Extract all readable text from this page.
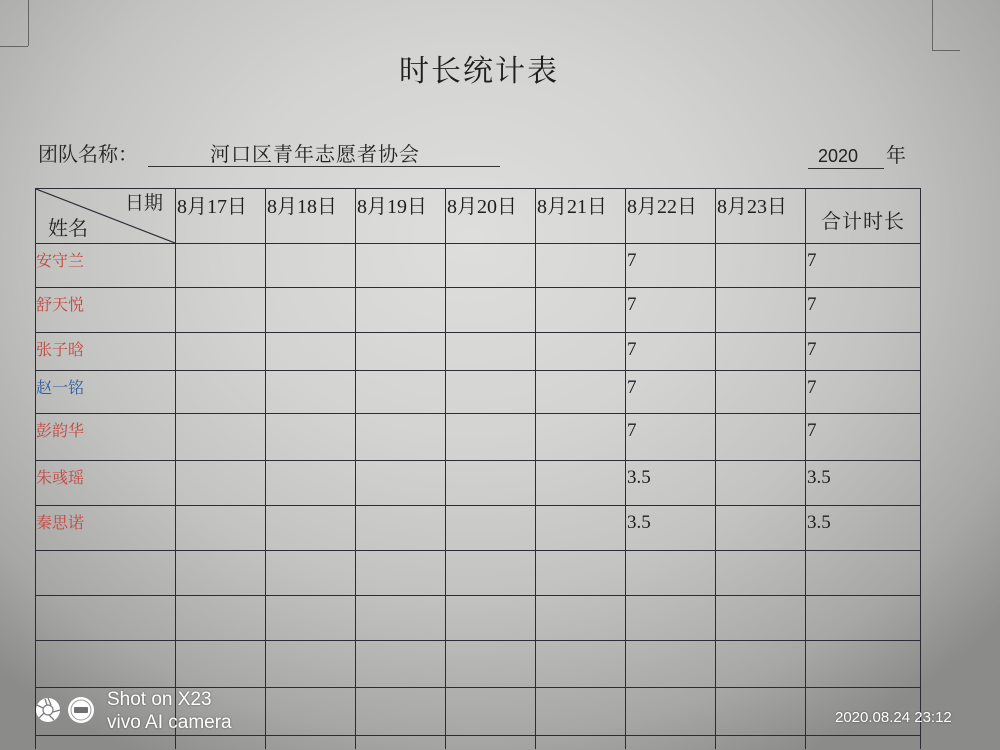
时长统计表
团队名称：	河口区青年志愿者协会	2020 年
日期
姓名	8月17日	8月18日	8月19日	8月20日	8月21日	8月22日	8月23日	合计时长

安守兰						7		7

舒天悦						7		7

张子晗						7		7

赵一铭						7		7

彭韵华						7		7

朱彧瑶						3.5		3.5

秦思诺						3.5		3.5

Shot on X23
vivo AI camera	2020.08.24 23:12
